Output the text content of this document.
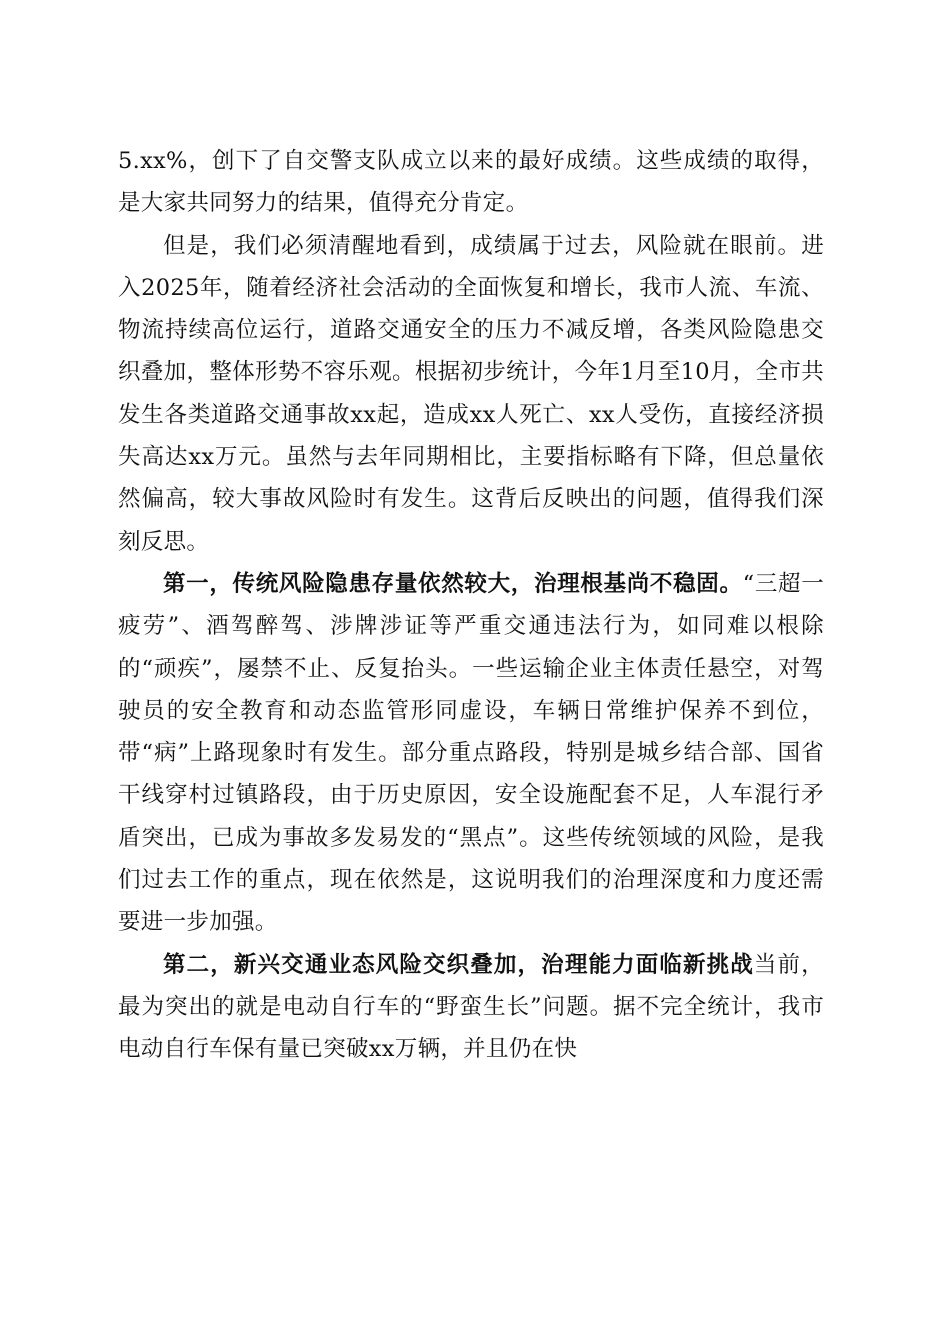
5.xx%，创下了自交警支队成立以来的最好成绩。这些成绩的取得，是大家共同努力的结果，值得充分肯定。

但是，我们必须清醒地看到，成绩属于过去，风险就在眼前。进入2025年，随着经济社会活动的全面恢复和增长，我市人流、车流、物流持续高位运行，道路交通安全的压力不减反增，各类风险隐患交织叠加，整体形势不容乐观。根据初步统计，今年1月至10月，全市共发生各类道路交通事故xx起，造成xx人死亡、xx人受伤，直接经济损失高达xx万元。虽然与去年同期相比，主要指标略有下降，但总量依然偏高，较大事故风险时有发生。这背后反映出的问题，值得我们深刻反思。

第一，传统风险隐患存量依然较大，治理根基尚不稳固。“三超一疲劳”、酒驾醉驾、涉牌涉证等严重交通违法行为，如同难以根除的“顽疾”，屡禁不止、反复抬头。一些运输企业主体责任悬空，对驾驶员的安全教育和动态监管形同虚设，车辆日常维护保养不到位，带“病”上路现象时有发生。部分重点路段，特别是城乡结合部、国省干线穿村过镇路段，由于历史原因，安全设施配套不足，人车混行矛盾突出，已成为事故多发易发的“黑点”。这些传统领域的风险，是我们过去工作的重点，现在依然是，这说明我们的治理深度和力度还需要进一步加强。

第二，新兴交通业态风险交织叠加，治理能力面临新挑战当前，最为突出的就是电动自行车的“野蛮生长”问题。据不完全统计，我市电动自行车保有量已突破xx万辆，并且仍在快
